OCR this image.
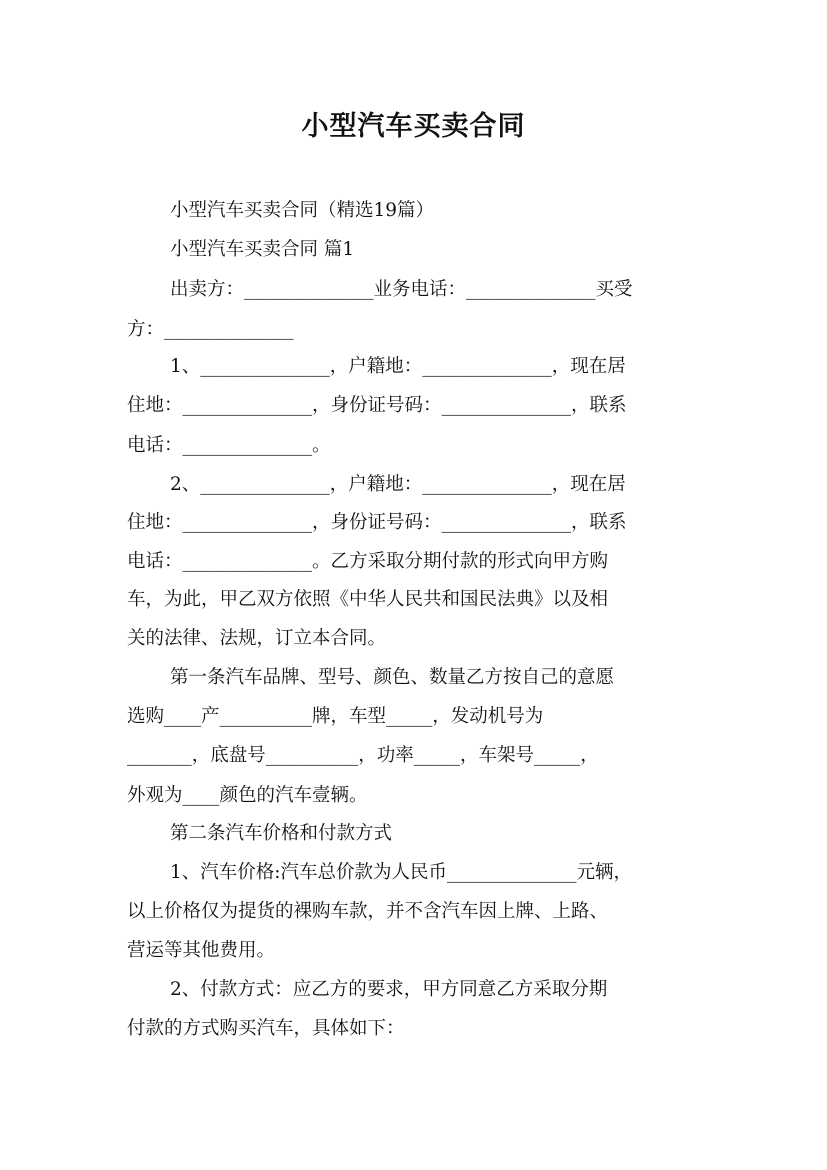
小型汽车买卖合同
小型汽车买卖合同（精选19篇）
小型汽车买卖合同 篇1
出卖方：______________业务电话：______________买受
方：______________
1、______________，户籍地：______________，现在居
住地：______________，身份证号码：______________，联系
电话：______________。
2、______________，户籍地：______________，现在居
住地：______________，身份证号码：______________，联系
电话：______________。乙方采取分期付款的形式向甲方购
车，为此，甲乙双方依照《中华人民共和国民法典》以及相
关的法律、法规，订立本合同。
第一条汽车品牌、型号、颜色、数量乙方按自己的意愿
选购____产__________牌，车型_____，发动机号为
_______，底盘号__________，功率_____，车架号_____，
外观为____颜色的汽车壹辆。
第二条汽车价格和付款方式
1、汽车价格:汽车总价款为人民币______________元辆，
以上价格仅为提货的裸购车款，并不含汽车因上牌、上路、
营运等其他费用。
2、付款方式：应乙方的要求，甲方同意乙方采取分期
付款的方式购买汽车，具体如下：
